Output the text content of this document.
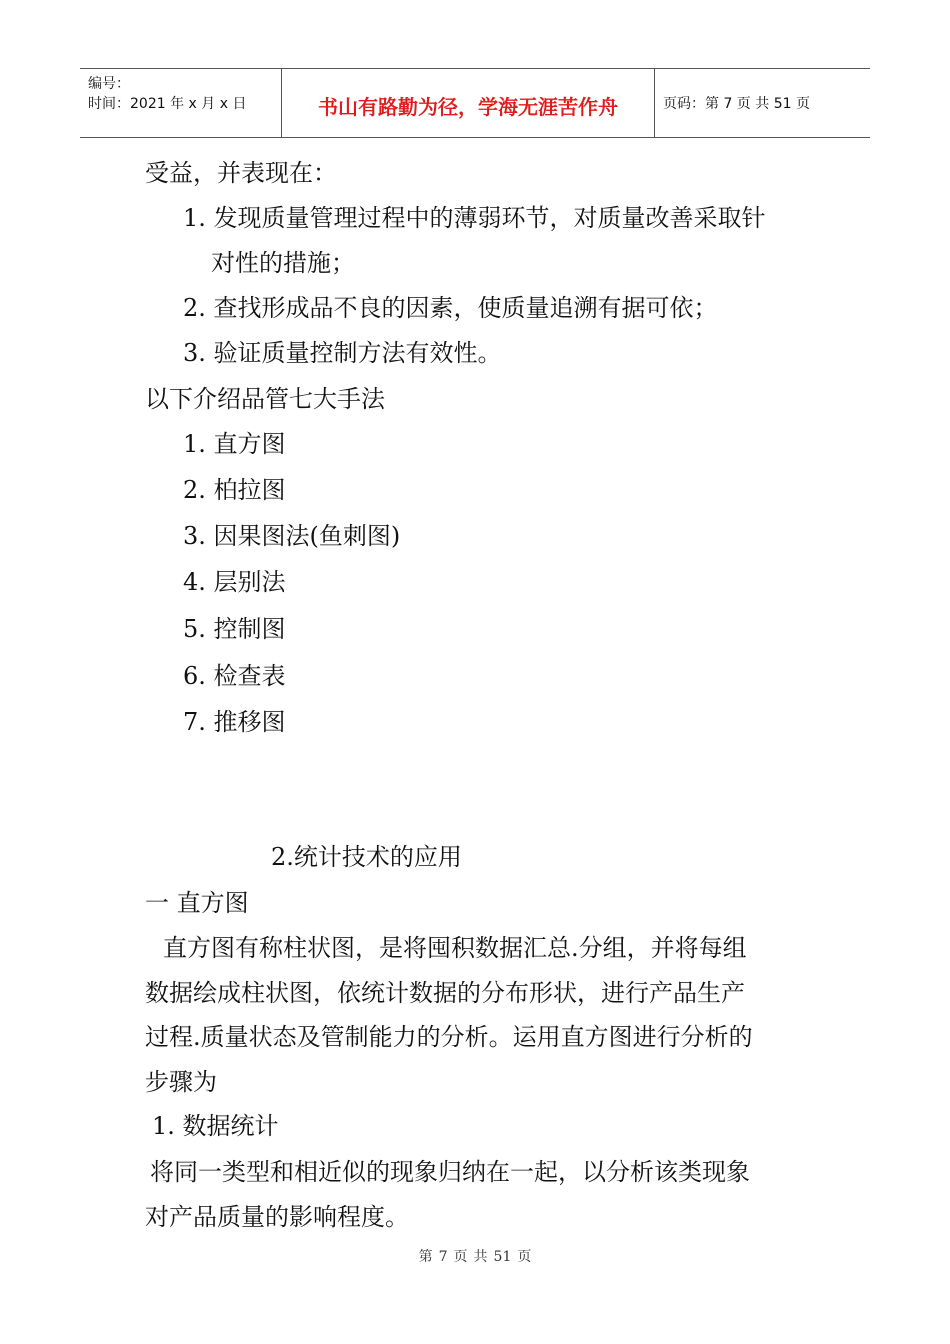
编号：
时间：2021 年 x 月 x 日	书山有路勤为径，学海无涯苦作舟	页码：第 7 页 共 51 页
受益，并表现在：
1. 发现质量管理过程中的薄弱环节，对质量改善采取针
对性的措施；
2. 查找形成品不良的因素，使质量追溯有据可依；
3. 验证质量控制方法有效性。
以下介绍品管七大手法
1. 直方图
2. 柏拉图
3. 因果图法(鱼刺图)
4. 层别法
5. 控制图
6. 检查表
7. 推移图
2.统计技术的应用
一 直方图
直方图有称柱状图，是将囤积数据汇总.分组，并将每组
数据绘成柱状图，依统计数据的分布形状，进行产品生产
过程.质量状态及管制能力的分析。运用直方图进行分析的
步骤为
1. 数据统计
将同一类型和相近似的现象归纳在一起，以分析该类现象
对产品质量的影响程度。
第 7 页 共 51 页
